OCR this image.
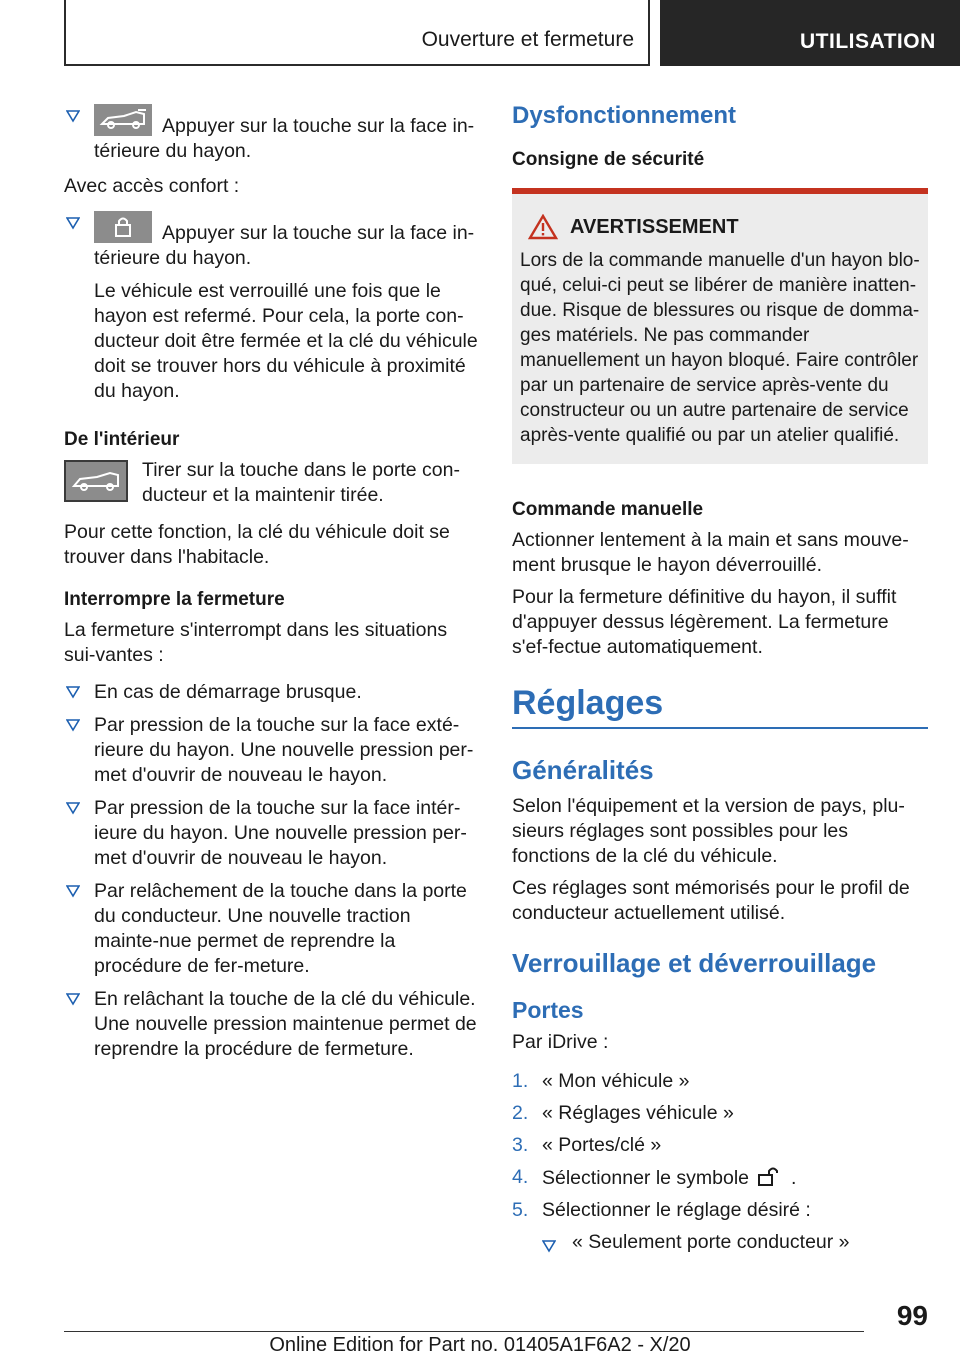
Ouverture et fermeture	UTILISATION
Appuyer sur la touche sur la face in-térieure du hayon.

Avec accès confort :

Appuyer sur la touche sur la face in-térieure du hayon.

Le véhicule est verrouillé une fois que le hayon est refermé. Pour cela, la porte con-ducteur doit être fermée et la clé du véhicule doit se trouver hors du véhicule à proximité du hayon.

De l'intérieur
Tirer sur la touche dans le porte con-ducteur et la maintenir tirée.

Pour cette fonction, la clé du véhicule doit se trouver dans l'habitacle.

Interrompre la fermeture

La fermeture s'interrompt dans les situations sui-vantes :

En cas de démarrage brusque.
Par pression de la touche sur la face exté-rieure du hayon. Une nouvelle pression per-met d'ouvrir de nouveau le hayon.
Par pression de la touche sur la face intér-ieure du hayon. Une nouvelle pression per-met d'ouvrir de nouveau le hayon.
Par relâchement de la touche dans la porte du conducteur. Une nouvelle traction mainte-nue permet de reprendre la procédure de fer-meture.
En relâchant la touche de la clé du véhicule. Une nouvelle pression maintenue permet de reprendre la procédure de fermeture.
Dysfonctionnement
Consigne de sécurité
AVERTISSEMENT

Lors de la commande manuelle d'un hayon blo-qué, celui-ci peut se libérer de manière inatten-due. Risque de blessures ou risque de domma-ges matériels. Ne pas commander manuellement un hayon bloqué. Faire contrôler par un partenaire de service après-vente du constructeur ou un autre partenaire de service après-vente qualifié ou par un atelier qualifié.

Commande manuelle

Actionner lentement à la main et sans mouve-ment brusque le hayon déverrouillé.

Pour la fermeture définitive du hayon, il suffit d'appuyer dessus légèrement. La fermeture s'ef-fectue automatiquement.

Réglages
Généralités

Selon l'équipement et la version de pays, plu-sieurs réglages sont possibles pour les fonctions de la clé du véhicule.

Ces réglages sont mémorisés pour le profil de conducteur actuellement utilisé.

Verrouillage et déverrouillage
Portes

Par iDrive :

1. « Mon véhicule »
2. « Réglages véhicule »
3. « Portes/clé »
4. Sélectionner le symbole .
5. Sélectionner le réglage désiré :
« Seulement porte conducteur »
99
Online Edition for Part no. 01405A1F6A2 - X/20
